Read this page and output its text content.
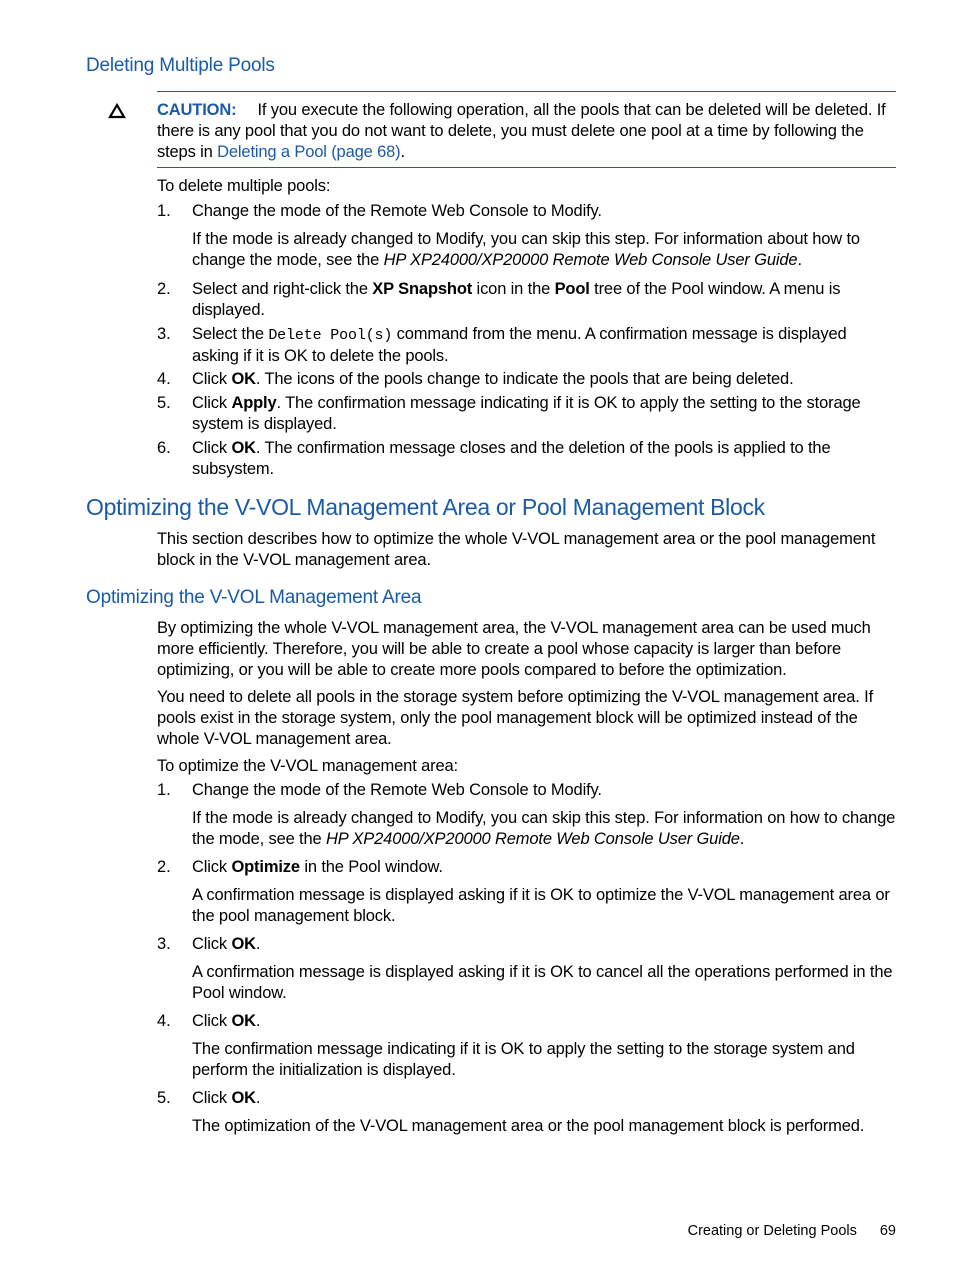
Deleting Multiple Pools
CAUTION: If you execute the following operation, all the pools that can be deleted will be deleted. If there is any pool that you do not want to delete, you must delete one pool at a time by following the steps in Deleting a Pool (page 68).
To delete multiple pools:
1. Change the mode of the Remote Web Console to Modify.
If the mode is already changed to Modify, you can skip this step. For information about how to change the mode, see the HP XP24000/XP20000 Remote Web Console User Guide.
2. Select and right-click the XP Snapshot icon in the Pool tree of the Pool window. A menu is displayed.
3. Select the Delete Pool(s) command from the menu. A confirmation message is displayed asking if it is OK to delete the pools.
4. Click OK. The icons of the pools change to indicate the pools that are being deleted.
5. Click Apply. The confirmation message indicating if it is OK to apply the setting to the storage system is displayed.
6. Click OK. The confirmation message closes and the deletion of the pools is applied to the subsystem.
Optimizing the V-VOL Management Area or Pool Management Block
This section describes how to optimize the whole V-VOL management area or the pool management block in the V-VOL management area.
Optimizing the V-VOL Management Area
By optimizing the whole V-VOL management area, the V-VOL management area can be used much more efficiently. Therefore, you will be able to create a pool whose capacity is larger than before optimizing, or you will be able to create more pools compared to before the optimization.
You need to delete all pools in the storage system before optimizing the V-VOL management area. If pools exist in the storage system, only the pool management block will be optimized instead of the whole V-VOL management area.
To optimize the V-VOL management area:
1. Change the mode of the Remote Web Console to Modify.
If the mode is already changed to Modify, you can skip this step. For information on how to change the mode, see the HP XP24000/XP20000 Remote Web Console User Guide.
2. Click Optimize in the Pool window.
A confirmation message is displayed asking if it is OK to optimize the V-VOL management area or the pool management block.
3. Click OK.
A confirmation message is displayed asking if it is OK to cancel all the operations performed in the Pool window.
4. Click OK.
The confirmation message indicating if it is OK to apply the setting to the storage system and perform the initialization is displayed.
5. Click OK.
The optimization of the V-VOL management area or the pool management block is performed.
Creating or Deleting Pools 69
